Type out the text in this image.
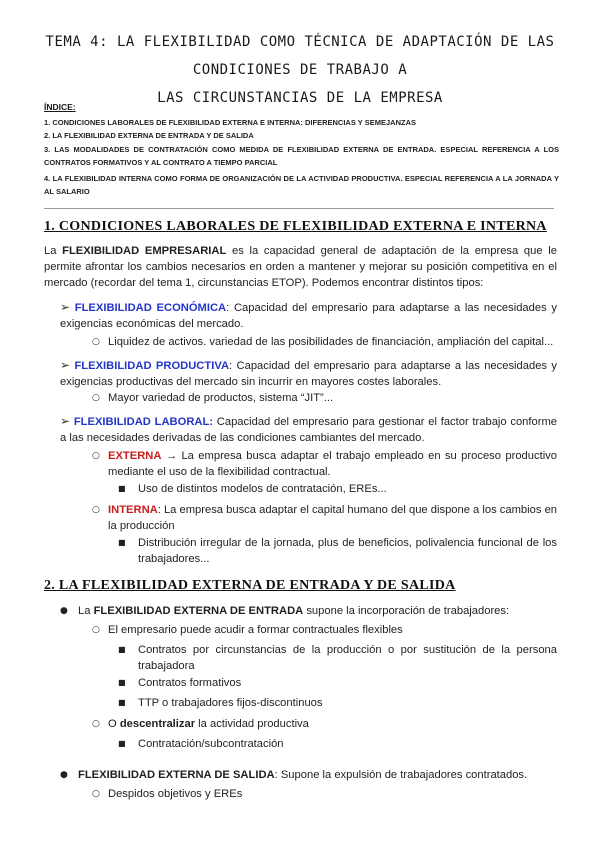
TEMA 4: LA FLEXIBILIDAD COMO TÉCNICA DE ADAPTACIÓN DE LAS CONDICIONES DE TRABAJO A
LAS CIRCUNSTANCIAS DE LA EMPRESA
ÍNDICE:
1. CONDICIONES LABORALES DE FLEXIBILIDAD EXTERNA E INTERNA: DIFERENCIAS Y SEMEJANZAS
2. LA FLEXIBILIDAD EXTERNA DE ENTRADA Y DE SALIDA
3. LAS MODALIDADES DE CONTRATACIÓN COMO MEDIDA DE FLEXIBILIDAD EXTERNA DE ENTRADA. ESPECIAL REFERENCIA A LOS CONTRATOS FORMATIVOS Y AL CONTRATO A TIEMPO PARCIAL
4. LA FLEXIBILIDAD INTERNA COMO FORMA DE ORGANIZACIÓN DE LA ACTIVIDAD PRODUCTIVA. ESPECIAL REFERENCIA A LA JORNADA Y AL SALARIO
1. CONDICIONES LABORALES DE FLEXIBILIDAD EXTERNA E INTERNA
La FLEXIBILIDAD EMPRESARIAL es la capacidad general de adaptación de la empresa que le permite afrontar los cambios necesarios en orden a mantener y mejorar su posición competitiva en el mercado (recordar del tema 1, circunstancias ETOP). Podemos encontrar distintos tipos:
➢ FLEXIBILIDAD ECONÓMICA: Capacidad del empresario para adaptarse a las necesidades y exigencias económicas del mercado.
○ Liquidez de activos. variedad de las posibilidades de financiación, ampliación del capital...
➢ FLEXIBILIDAD PRODUCTIVA: Capacidad del empresario para adaptarse a las necesidades y exigencias productivas del mercado sin incurrir en mayores costes laborales.
○ Mayor variedad de productos, sistema “JIT”...
➢ FLEXIBILIDAD LABORAL: Capacidad del empresario para gestionar el factor trabajo conforme a las necesidades derivadas de las condiciones cambiantes del mercado.
○ EXTERNA → La empresa busca adaptar el trabajo empleado en su proceso productivo mediante el uso de la flexibilidad contractual.
■	Uso de distintos modelos de contratación, EREs...
○ INTERNA: La empresa busca adaptar el capital humano del que dispone a los cambios en la producción
■	Distribución irregular de la jornada, plus de beneficios, polivalencia funcional de los trabajadores...
2. LA FLEXIBILIDAD EXTERNA DE ENTRADA Y DE SALIDA
● La FLEXIBILIDAD EXTERNA DE ENTRADA supone la incorporación de trabajadores:
○ El empresario puede acudir a formar contractuales flexibles
■	Contratos por circunstancias de la producción o por sustitución de la persona trabajadora
■	Contratos formativos
■	TTP o trabajadores fijos-discontinuos
○ O descentralizar la actividad productiva
■	Contratación/subcontratación
● FLEXIBILIDAD EXTERNA DE SALIDA: Supone la expulsión de trabajadores contratados.
○ Despidos objetivos y EREs
